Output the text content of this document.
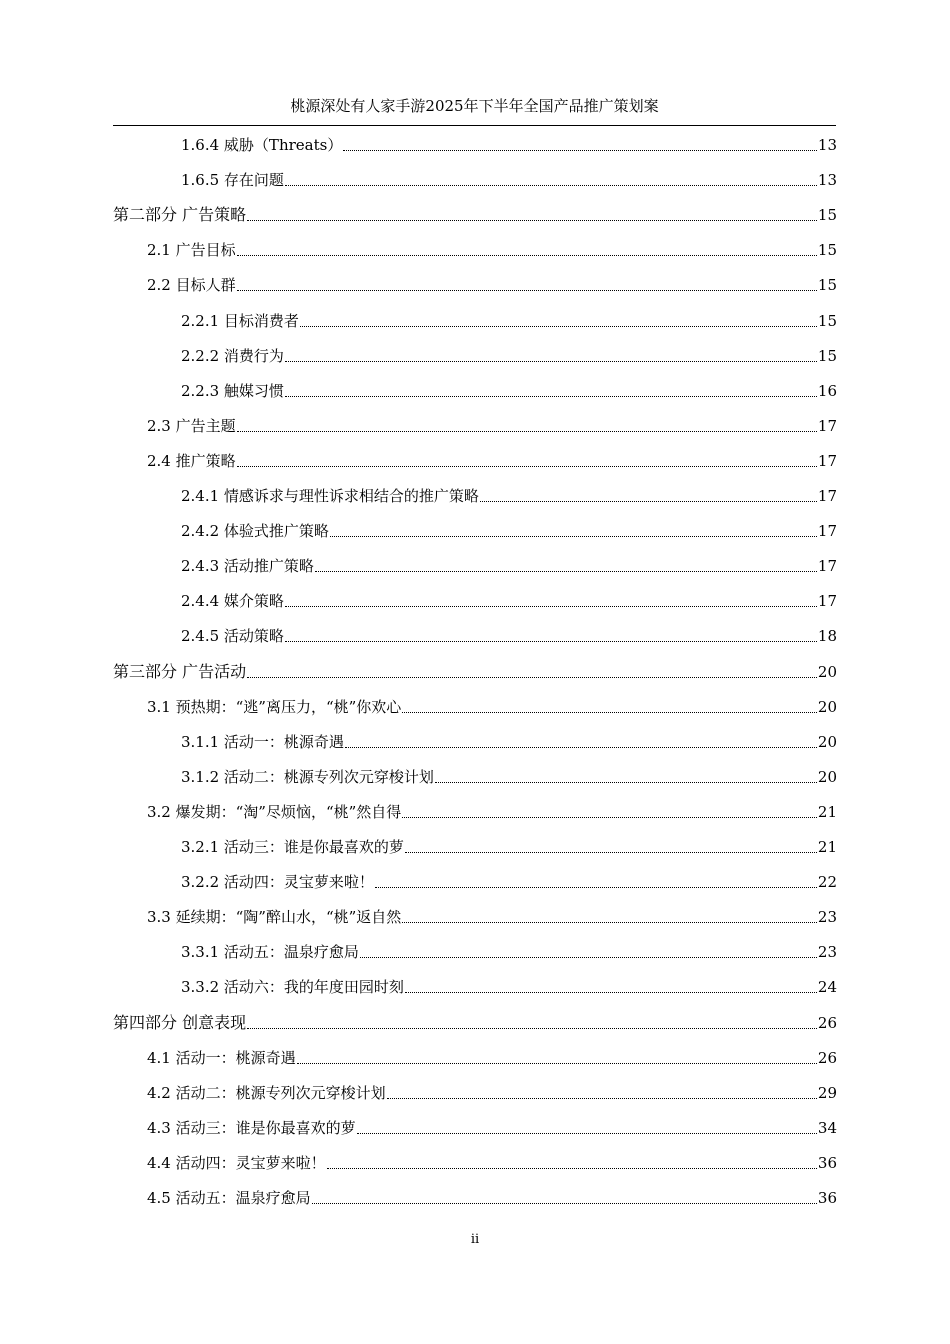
桃源深处有人家手游2025年下半年全国产品推广策划案
1.6.4 威胁（Threats）	13
1.6.5 存在问题	13
第二部分 广告策略	15
2.1 广告目标	15
2.2 目标人群	15
2.2.1 目标消费者	15
2.2.2 消费行为	15
2.2.3 触媒习惯	16
2.3 广告主题	17
2.4 推广策略	17
2.4.1 情感诉求与理性诉求相结合的推广策略	17
2.4.2 体验式推广策略	17
2.4.3 活动推广策略	17
2.4.4 媒介策略	17
2.4.5 活动策略	18
第三部分 广告活动	20
3.1 预热期：“逃”离压力，“桃”你欢心	20
3.1.1 活动一：桃源奇遇	20
3.1.2 活动二：桃源专列次元穿梭计划	20
3.2 爆发期：“淘”尽烦恼，“桃”然自得	21
3.2.1 活动三：谁是你最喜欢的萝	21
3.2.2 活动四：灵宝萝来啦！	22
3.3 延续期：“陶”醉山水，“桃”返自然	23
3.3.1 活动五：温泉疗愈局	23
3.3.2 活动六：我的年度田园时刻	24
第四部分 创意表现	26
4.1 活动一：桃源奇遇	26
4.2 活动二：桃源专列次元穿梭计划	29
4.3 活动三：谁是你最喜欢的萝	34
4.4 活动四：灵宝萝来啦！	36
4.5 活动五：温泉疗愈局	36
ii
